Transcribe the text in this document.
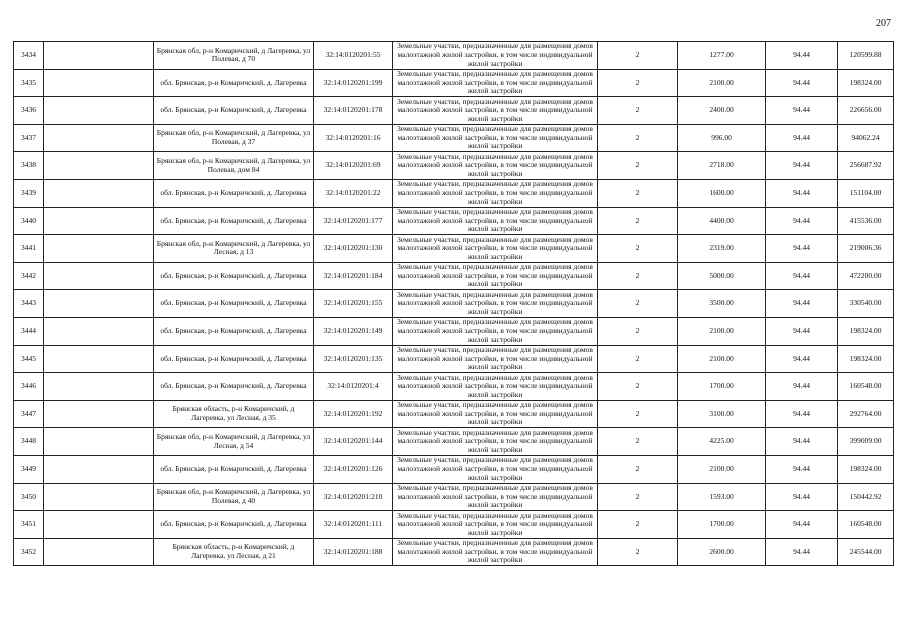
207
3434		Брянская обл, р-н Комаричский, д Лагеревка, ул Полевая, д 70	32:14:0120201:55	Земельные участки, предназначенные для размещения домов малоэтажной жилой застройки, в том числе индивидуальной жилой застройки	2	1277.00	94.44	120599.88
3435		обл. Брянская, р-н Комаричский, д. Лагеревка	32:14:0120201:199	Земельные участки, предназначенные для размещения домов малоэтажной жилой застройки, в том числе индивидуальной жилой застройки	2	2100.00	94.44	198324.00
3436		обл. Брянская, р-н Комаричский, д. Лагеревка	32:14:0120201:178	Земельные участки, предназначенные для размещения домов малоэтажной жилой застройки, в том числе индивидуальной жилой застройки	2	2400.00	94.44	226656.00
3437		Брянская обл, р-н Комаричский, д Лагеревка, ул Полевая, д 37	32:14:0120201:16	Земельные участки, предназначенные для размещения домов малоэтажной жилой застройки, в том числе индивидуальной жилой застройки	2	996.00	94.44	94062.24
3438		Брянская обл, р-н Комаричский, д Лагеревка, ул Полевая, дом 84	32:14:0120201:69	Земельные участки, предназначенные для размещения домов малоэтажной жилой застройки, в том числе индивидуальной жилой застройки	2	2718.00	94.44	256687.92
3439		обл. Брянская, р-н Комаричский, д. Лагеревка	32:14:0120201:22	Земельные участки, предназначенные для размещения домов малоэтажной жилой застройки, в том числе индивидуальной жилой застройки	2	1600.00	94.44	151104.00
3440		обл. Брянская, р-н Комаричский, д. Лагеревка	32:14:0120201:177	Земельные участки, предназначенные для размещения домов малоэтажной жилой застройки, в том числе индивидуальной жилой застройки	2	4400.00	94.44	415536.00
3441		Брянская обл, р-н Комаричский, д Лагеревка, ул Лесная, д 13	32:14:0120201:130	Земельные участки, предназначенные для размещения домов малоэтажной жилой застройки, в том числе индивидуальной жилой застройки	2	2319.00	94.44	219006.36
3442		обл. Брянская, р-н Комаричский, д. Лагеревка	32:14:0120201:184	Земельные участки, предназначенные для размещения домов малоэтажной жилой застройки, в том числе индивидуальной жилой застройки	2	5000.00	94.44	472200.00
3443		обл. Брянская, р-н Комаричский, д. Лагеревка	32:14:0120201:155	Земельные участки, предназначенные для размещения домов малоэтажной жилой застройки, в том числе индивидуальной жилой застройки	2	3500.00	94.44	330540.00
3444		обл. Брянская, р-н Комаричский, д. Лагеревка	32:14:0120201:149	Земельные участки, предназначенные для размещения домов малоэтажной жилой застройки, в том числе индивидуальной жилой застройки	2	2100.00	94.44	198324.00
3445		обл. Брянская, р-н Комаричский, д. Лагеревка	32:14:0120201:135	Земельные участки, предназначенные для размещения домов малоэтажной жилой застройки, в том числе индивидуальной жилой застройки	2	2100.00	94.44	198324.00
3446		обл. Брянская, р-н Комаричский, д. Лагеревка	32:14:0120201:4	Земельные участки, предназначенные для размещения домов малоэтажной жилой застройки, в том числе индивидуальной жилой застройки	2	1700.00	94.44	160548.00
3447		Брянская область, р-н Комаричский, д Лагеревка, ул Лесная, д 35	32:14:0120201:192	Земельные участки, предназначенные для размещения домов малоэтажной жилой застройки, в том числе индивидуальной жилой застройки	2	3100.00	94.44	292764.00
3448		Брянская обл, р-н Комаричский, д Лагеревка, ул Лесная, д 54	32:14:0120201:144	Земельные участки, предназначенные для размещения домов малоэтажной жилой застройки, в том числе индивидуальной жилой застройки	2	4225.00	94.44	399009.00
3449		обл. Брянская, р-н Комаричский, д. Лагеревка	32:14:0120201:126	Земельные участки, предназначенные для размещения домов малоэтажной жилой застройки, в том числе индивидуальной жилой застройки	2	2100.00	94.44	198324.00
3450		Брянская обл, р-н Комаричский, д Лагеревка, ул Полевая, д 40	32:14:0120201:210	Земельные участки, предназначенные для размещения домов малоэтажной жилой застройки, в том числе индивидуальной жилой застройки	2	1593.00	94.44	150442.92
3451		обл. Брянская, р-н Комаричский, д. Лагеревка	32:14:0120201:111	Земельные участки, предназначенные для размещения домов малоэтажной жилой застройки, в том числе индивидуальной жилой застройки	2	1700.00	94.44	160548.00
3452		Брянская область, р-н Комаричский, д Лагеревка, ул Лесная, д 21	32:14:0120201:188	Земельные участки, предназначенные для размещения домов малоэтажной жилой застройки, в том числе индивидуальной жилой застройки	2	2600.00	94.44	245544.00
